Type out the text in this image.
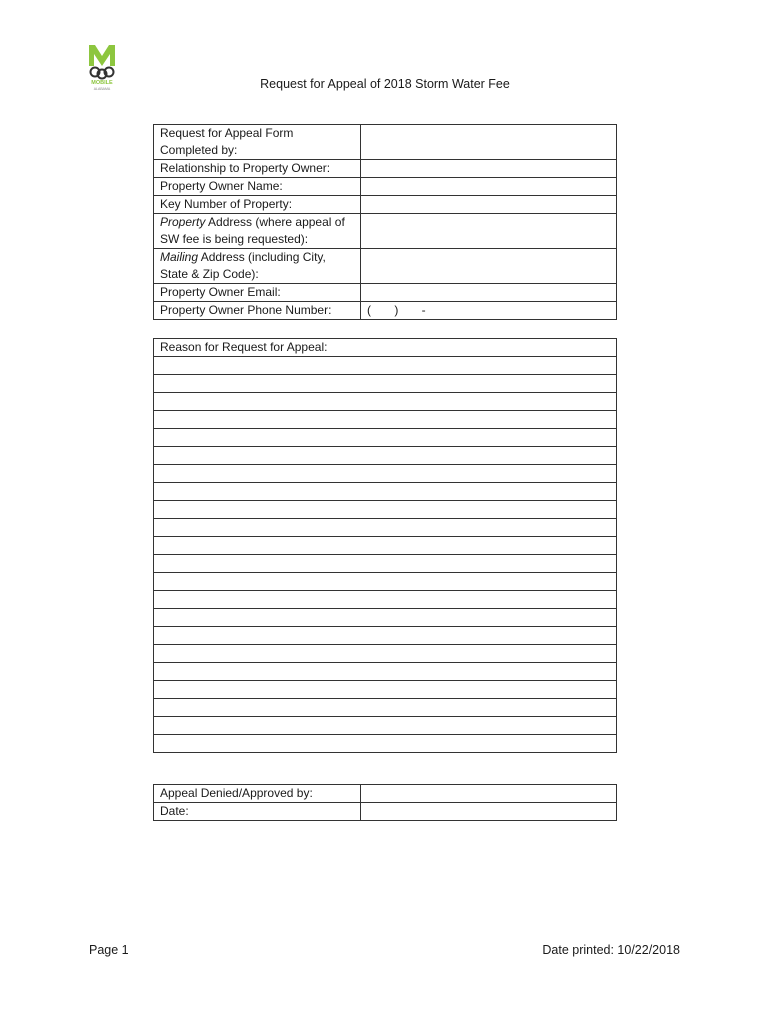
MOBILE
ALABAMA	Request for Appeal of 2018 Storm Water Fee
Request for Appeal Form Completed by:	
Relationship to Property Owner:	
Property Owner Name:	
Key Number of Property:	
Property Address (where appeal of SW fee is being requested):	
Mailing Address (including City, State & Zip Code):	
Property Owner Email:	
Property Owner Phone Number:	(       )       -
Reason for Request for Appeal:

Appeal Denied/Approved by:	
Date:	
Page 1	Date printed: 10/22/2018
